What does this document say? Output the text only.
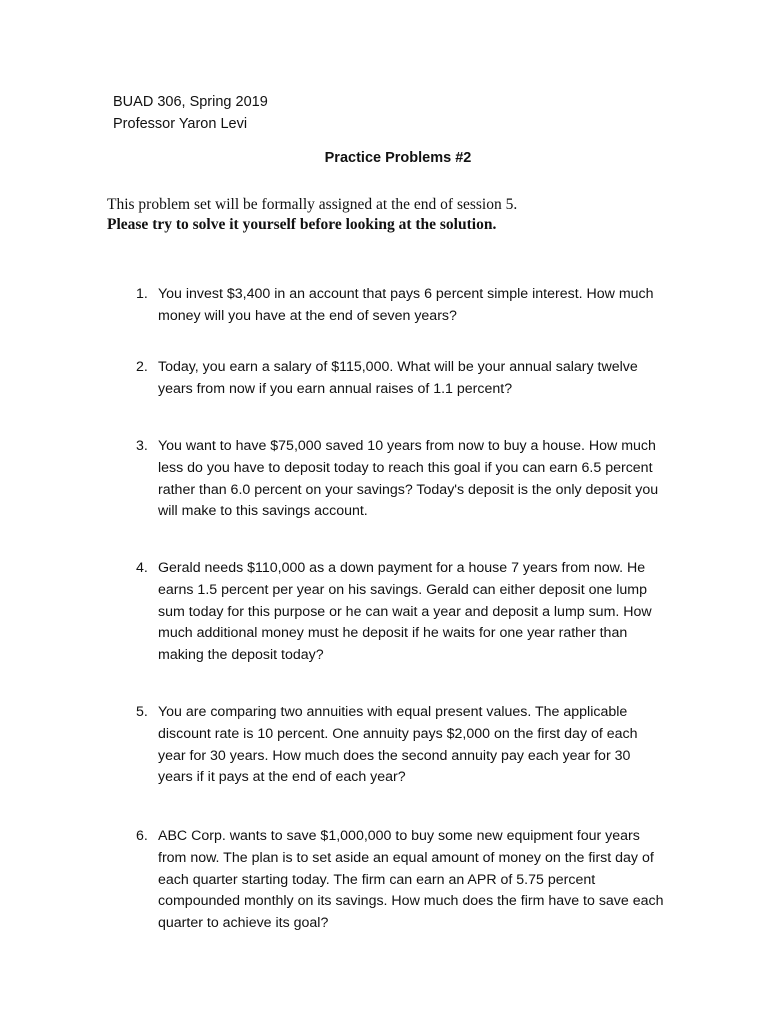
BUAD 306, Spring 2019
Professor Yaron Levi
Practice Problems #2
This problem set will be formally assigned at the end of session 5.
Please try to solve it yourself before looking at the solution.
1. You invest $3,400 in an account that pays 6 percent simple interest. How much money will you have at the end of seven years?
2. Today, you earn a salary of $115,000. What will be your annual salary twelve years from now if you earn annual raises of 1.1 percent?
3. You want to have $75,000 saved 10 years from now to buy a house. How much less do you have to deposit today to reach this goal if you can earn 6.5 percent rather than 6.0 percent on your savings? Today's deposit is the only deposit you will make to this savings account.
4. Gerald needs $110,000 as a down payment for a house 7 years from now. He earns 1.5 percent per year on his savings. Gerald can either deposit one lump sum today for this purpose or he can wait a year and deposit a lump sum. How much additional money must he deposit if he waits for one year rather than making the deposit today?
5. You are comparing two annuities with equal present values. The applicable discount rate is 10 percent. One annuity pays $2,000 on the first day of each year for 30 years. How much does the second annuity pay each year for 30 years if it pays at the end of each year?
6. ABC Corp. wants to save $1,000,000 to buy some new equipment four years from now. The plan is to set aside an equal amount of money on the first day of each quarter starting today. The firm can earn an APR of 5.75 percent compounded monthly on its savings. How much does the firm have to save each quarter to achieve its goal?
